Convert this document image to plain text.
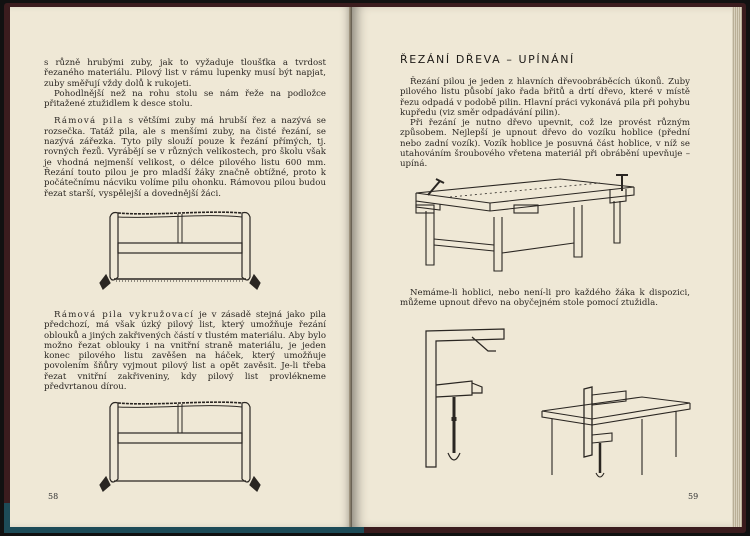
s různě hrubými zuby, jak to vyžaduje tloušťka a tvrdost řezaného materiálu. Pilový list v rámu lupenky musí být napjat, zuby směřují vždy dolů k rukojeti.

Pohodlnější než na rohu stolu se nám řeže na podložce přitažené ztužidlem k desce stolu.

Rámová pila s většími zuby má hrubší řez a nazývá se rozsečka. Tatáž pila, ale s menšími zuby, na čisté řezání, se nazývá zářezka. Tyto pily slouží pouze k řezání přímých, tj. rovných řezů. Vyrábějí se v různých velikostech, pro školu však je vhodná nejmenší velikost, o délce pilového listu 600 mm. Řezání touto pilou je pro mladší žáky značně obtížné, proto k počátečnímu nácviku volíme pilu ohonku. Rámovou pilou budou řezat starší, vyspělejší a dovednější žáci.

Rámová pila vykružovací je v zásadě stejná jako pila předchozí, má však úzký pilový list, který umožňuje řezání oblouků a jiných zakřivených částí v tlustém materiálu. Aby bylo možno řezat oblouky i na vnitřní straně materiálu, je jeden konec pilového listu zavěšen na háček, který umožňuje povolením šňůry vyjmout pilový list a opět zavěsit. Je-li třeba řezat vnitřní zakřiveniny, kdy pilový list provlékneme předvrtanou dírou.

58
ŘEZÁNÍ DŘEVA – UPÍNÁNÍ

Řezání pilou je jeden z hlavních dřevoobráběcích úkonů. Zuby pilového listu působí jako řada břitů a drtí dřevo, které v místě řezu odpadá v podobě pilin. Hlavní práci vykonává pila při pohybu kupředu (viz směr odpadávání pilin).

Při řezání je nutno dřevo upevnit, což lze provést různým způsobem. Nejlepší je upnout dřevo do vozíku hoblice (přední nebo zadní vozík). Vozík hoblice je posuvná část hoblice, v níž se utahováním šroubového vřetena materiál při obrábění upevňuje – upíná.

Nemáme-li hoblici, nebo není-li pro každého žáka k dispozici, můžeme upnout dřevo na obyčejném stole pomocí ztužidla.

59
